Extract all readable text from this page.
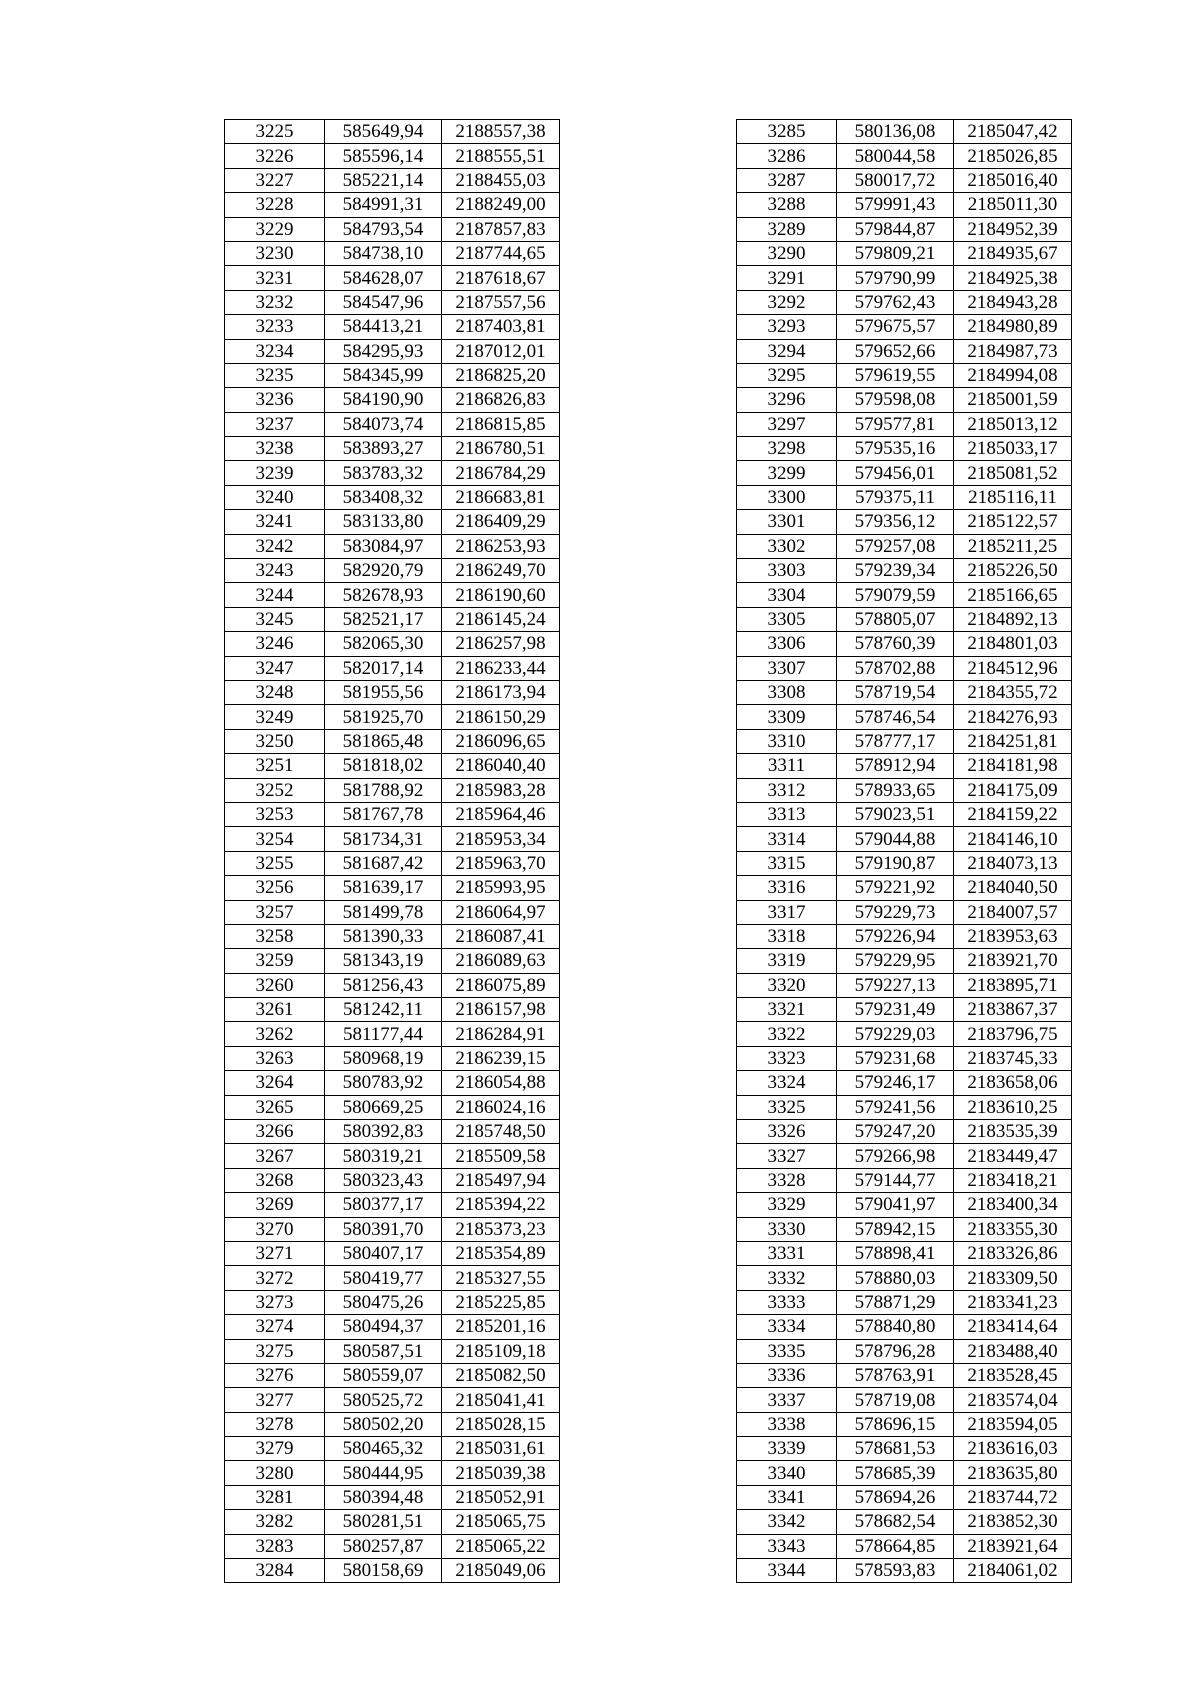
3225	585649,94	2188557,38
3226	585596,14	2188555,51
3227	585221,14	2188455,03
3228	584991,31	2188249,00
3229	584793,54	2187857,83
3230	584738,10	2187744,65
3231	584628,07	2187618,67
3232	584547,96	2187557,56
3233	584413,21	2187403,81
3234	584295,93	2187012,01
3235	584345,99	2186825,20
3236	584190,90	2186826,83
3237	584073,74	2186815,85
3238	583893,27	2186780,51
3239	583783,32	2186784,29
3240	583408,32	2186683,81
3241	583133,80	2186409,29
3242	583084,97	2186253,93
3243	582920,79	2186249,70
3244	582678,93	2186190,60
3245	582521,17	2186145,24
3246	582065,30	2186257,98
3247	582017,14	2186233,44
3248	581955,56	2186173,94
3249	581925,70	2186150,29
3250	581865,48	2186096,65
3251	581818,02	2186040,40
3252	581788,92	2185983,28
3253	581767,78	2185964,46
3254	581734,31	2185953,34
3255	581687,42	2185963,70
3256	581639,17	2185993,95
3257	581499,78	2186064,97
3258	581390,33	2186087,41
3259	581343,19	2186089,63
3260	581256,43	2186075,89
3261	581242,11	2186157,98
3262	581177,44	2186284,91
3263	580968,19	2186239,15
3264	580783,92	2186054,88
3265	580669,25	2186024,16
3266	580392,83	2185748,50
3267	580319,21	2185509,58
3268	580323,43	2185497,94
3269	580377,17	2185394,22
3270	580391,70	2185373,23
3271	580407,17	2185354,89
3272	580419,77	2185327,55
3273	580475,26	2185225,85
3274	580494,37	2185201,16
3275	580587,51	2185109,18
3276	580559,07	2185082,50
3277	580525,72	2185041,41
3278	580502,20	2185028,15
3279	580465,32	2185031,61
3280	580444,95	2185039,38
3281	580394,48	2185052,91
3282	580281,51	2185065,75
3283	580257,87	2185065,22
3284	580158,69	2185049,06
3285	580136,08	2185047,42
3286	580044,58	2185026,85
3287	580017,72	2185016,40
3288	579991,43	2185011,30
3289	579844,87	2184952,39
3290	579809,21	2184935,67
3291	579790,99	2184925,38
3292	579762,43	2184943,28
3293	579675,57	2184980,89
3294	579652,66	2184987,73
3295	579619,55	2184994,08
3296	579598,08	2185001,59
3297	579577,81	2185013,12
3298	579535,16	2185033,17
3299	579456,01	2185081,52
3300	579375,11	2185116,11
3301	579356,12	2185122,57
3302	579257,08	2185211,25
3303	579239,34	2185226,50
3304	579079,59	2185166,65
3305	578805,07	2184892,13
3306	578760,39	2184801,03
3307	578702,88	2184512,96
3308	578719,54	2184355,72
3309	578746,54	2184276,93
3310	578777,17	2184251,81
3311	578912,94	2184181,98
3312	578933,65	2184175,09
3313	579023,51	2184159,22
3314	579044,88	2184146,10
3315	579190,87	2184073,13
3316	579221,92	2184040,50
3317	579229,73	2184007,57
3318	579226,94	2183953,63
3319	579229,95	2183921,70
3320	579227,13	2183895,71
3321	579231,49	2183867,37
3322	579229,03	2183796,75
3323	579231,68	2183745,33
3324	579246,17	2183658,06
3325	579241,56	2183610,25
3326	579247,20	2183535,39
3327	579266,98	2183449,47
3328	579144,77	2183418,21
3329	579041,97	2183400,34
3330	578942,15	2183355,30
3331	578898,41	2183326,86
3332	578880,03	2183309,50
3333	578871,29	2183341,23
3334	578840,80	2183414,64
3335	578796,28	2183488,40
3336	578763,91	2183528,45
3337	578719,08	2183574,04
3338	578696,15	2183594,05
3339	578681,53	2183616,03
3340	578685,39	2183635,80
3341	578694,26	2183744,72
3342	578682,54	2183852,30
3343	578664,85	2183921,64
3344	578593,83	2184061,02
